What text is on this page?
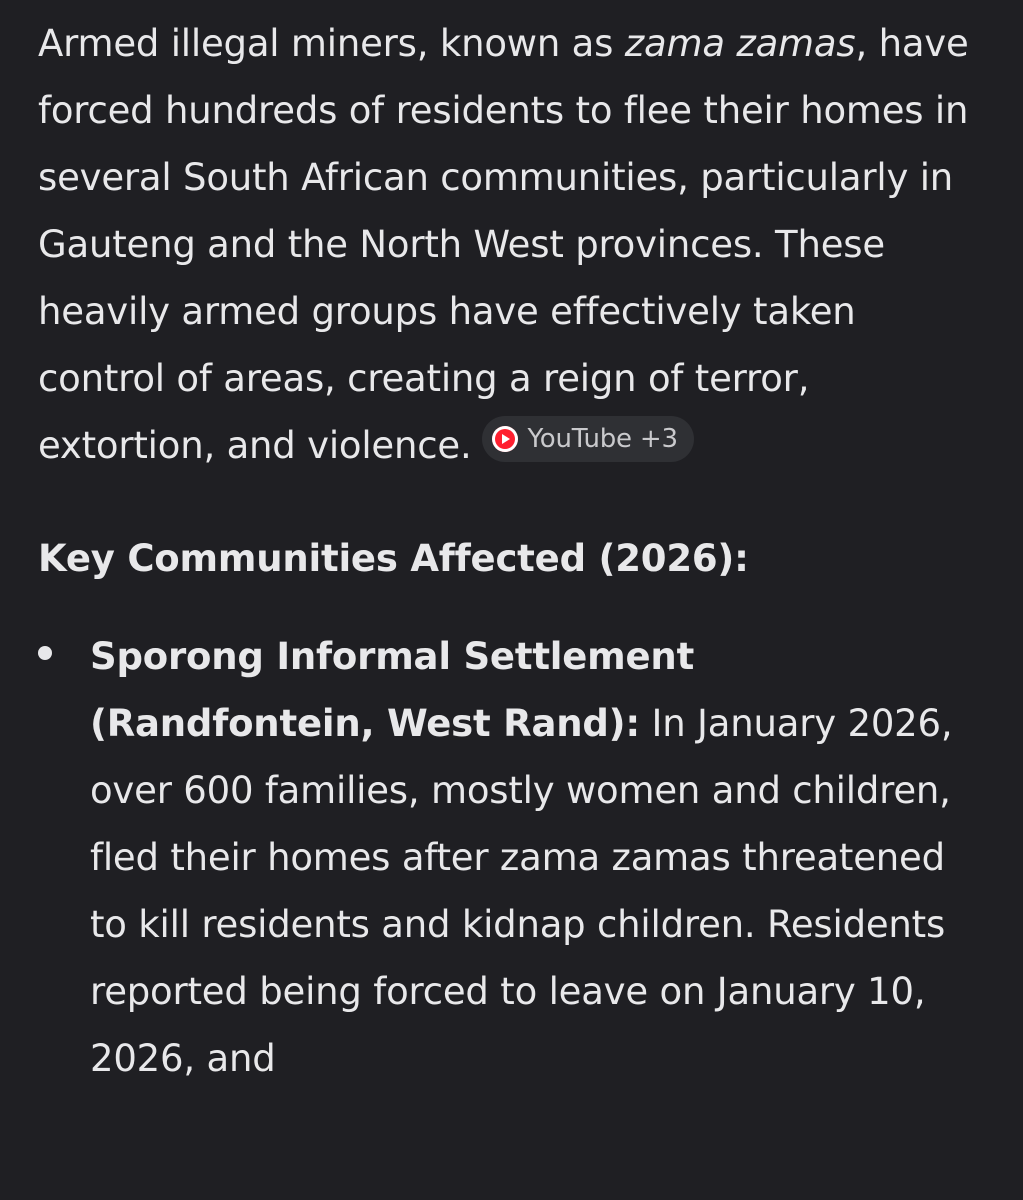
Armed illegal miners, known as zama zamas, have forced hundreds of residents to flee their homes in several South African communities, particularly in Gauteng and the North West provinces. These heavily armed groups have effectively taken control of areas, creating a reign of terror, extortion, and violence. YouTube +3

Key Communities Affected (2026):
Sporong Informal Settlement (Randfontein, West Rand): In January 2026, over 600 families, mostly women and children, fled their homes after zama zamas threatened to kill residents and kidnap children. Residents reported being forced to leave on January 10, 2026, and
